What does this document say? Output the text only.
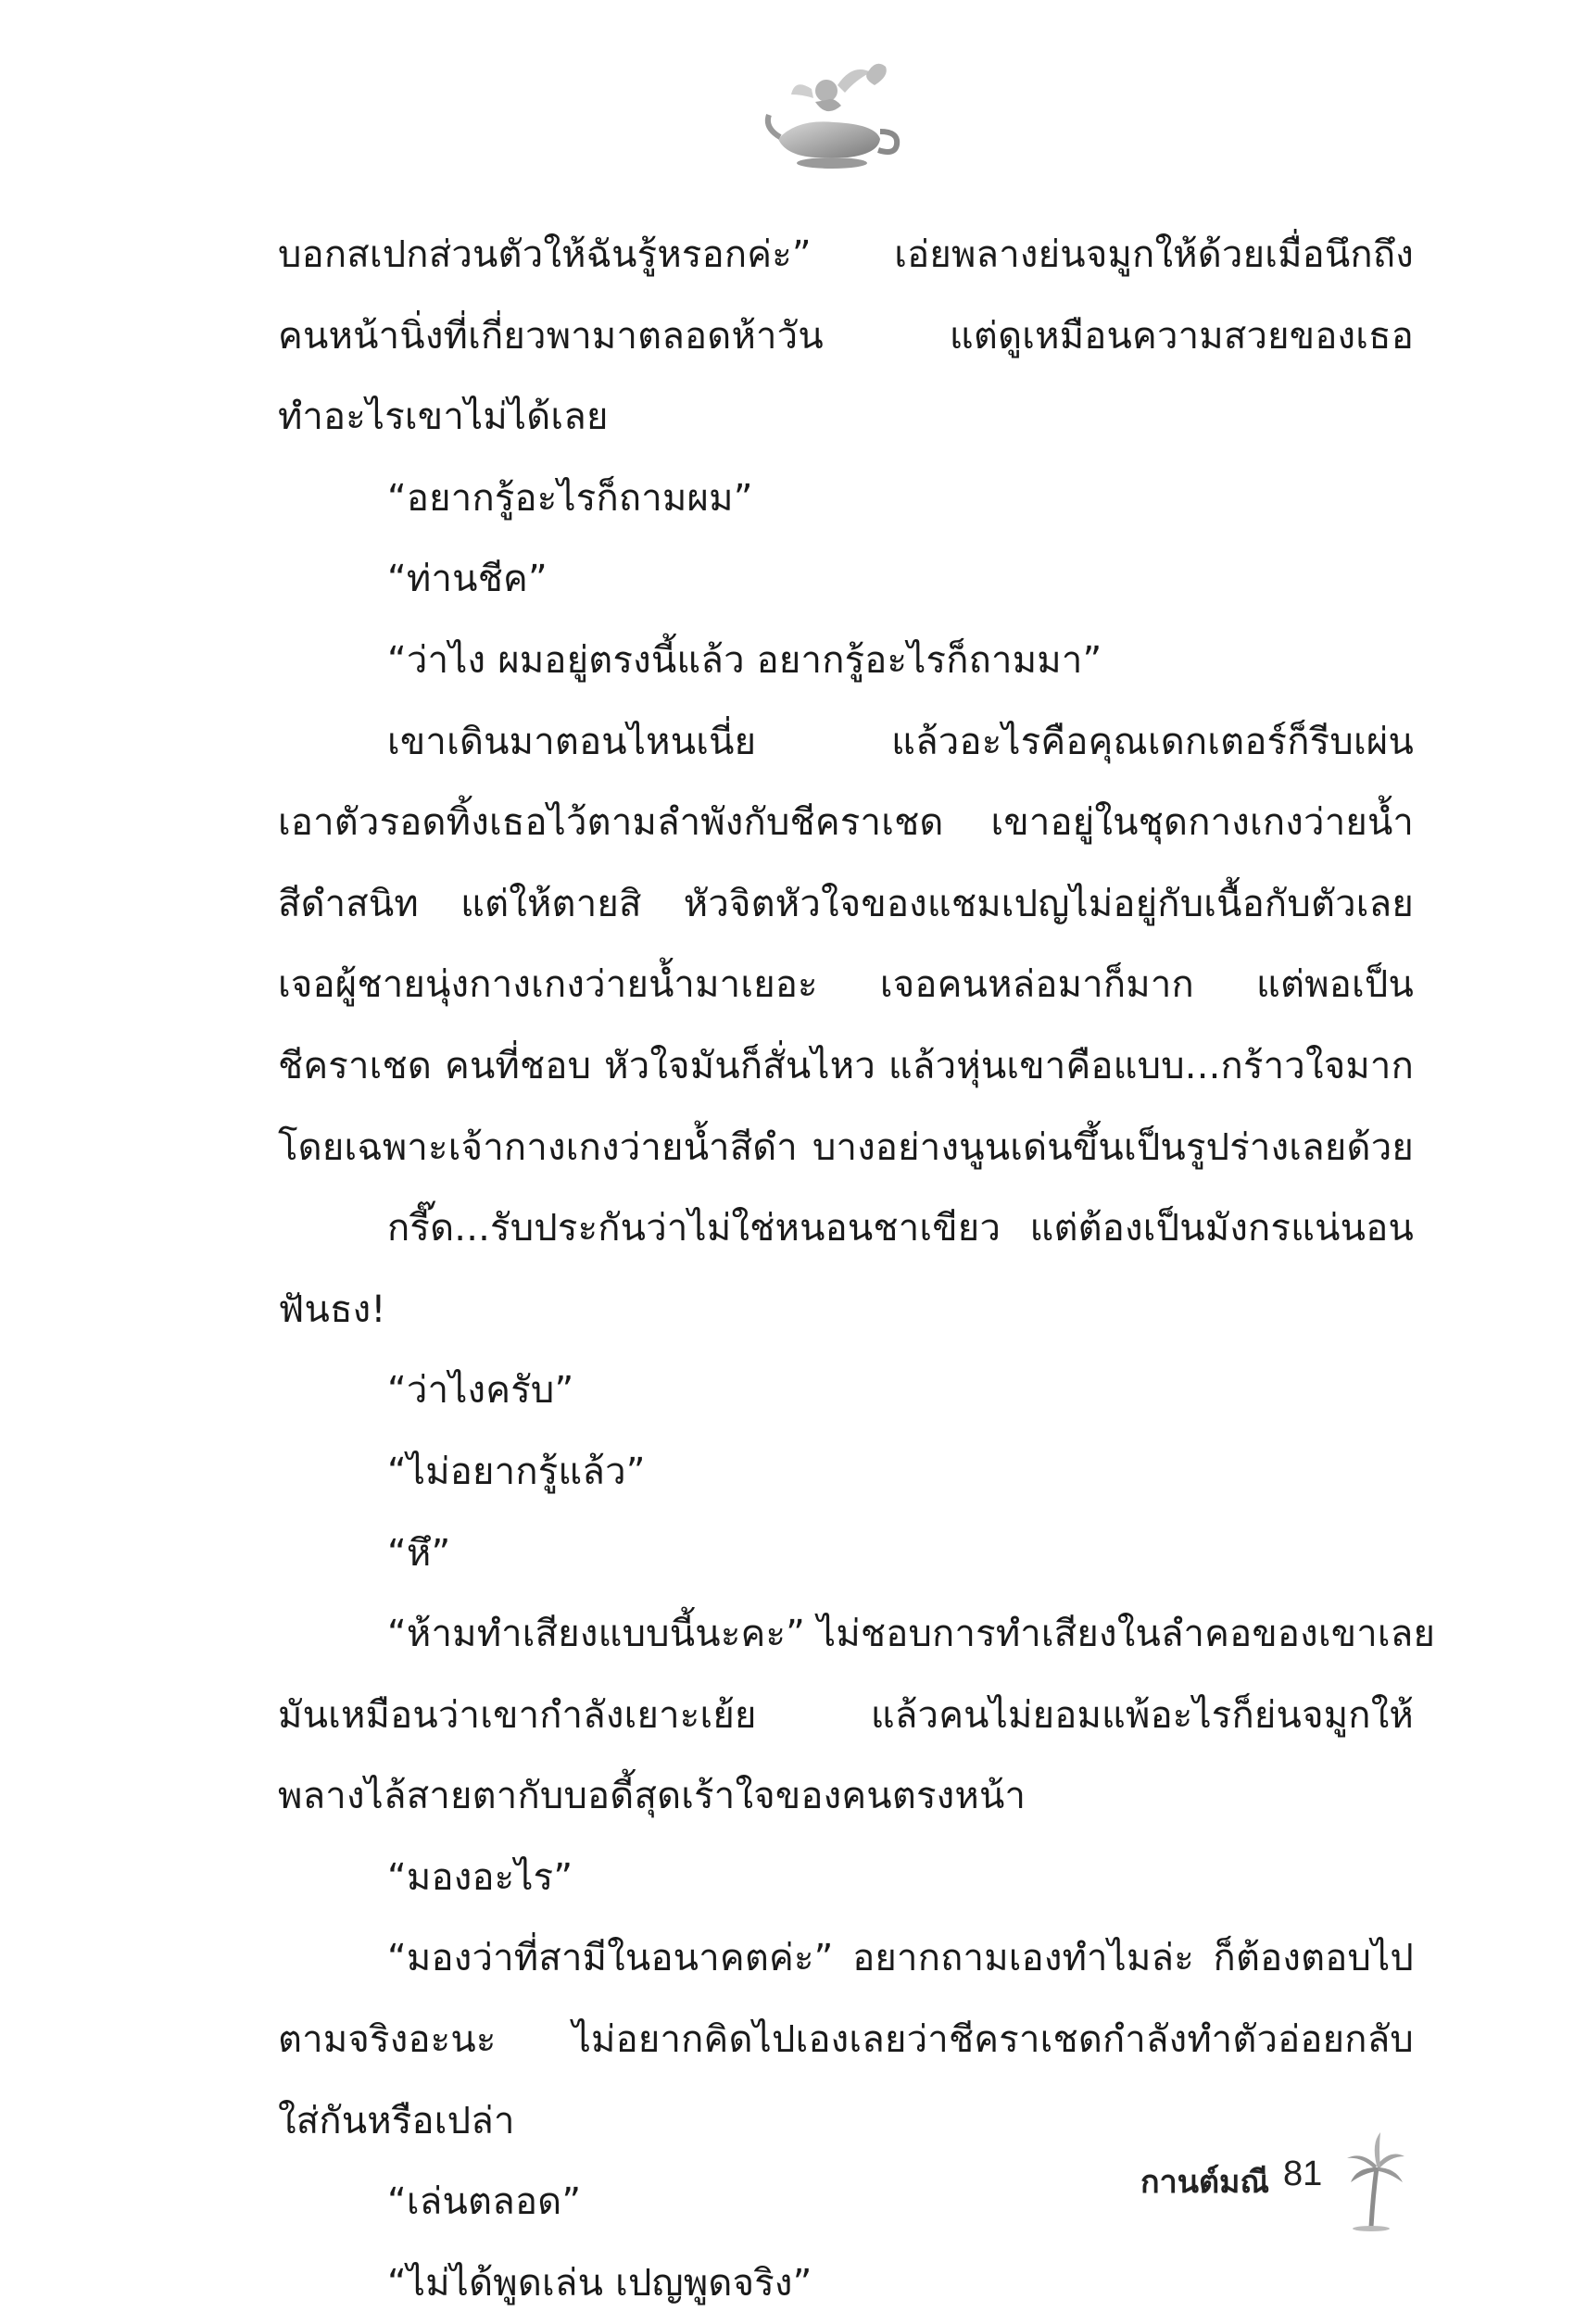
บอกสเปกส่วนตัวให้ฉันรู้หรอกค่ะ” เอ่ยพลางย่นจมูกให้ด้วยเมื่อนึกถึง
คนหน้านิ่งที่เกี่ยวพามาตลอดห้าวัน แต่ดูเหมือนความสวยของเธอ
ทำอะไรเขาไม่ได้เลย
“อยากรู้อะไรก็ถามผม”
“ท่านชีค”
“ว่าไง ผมอยู่ตรงนี้แล้ว อยากรู้อะไรก็ถามมา”
เขาเดินมาตอนไหนเนี่ย แล้วอะไรคือคุณเดกเตอร์ก็รีบเผ่น
เอาตัวรอดทิ้งเธอไว้ตามลำพังกับชีคราเชด เขาอยู่ในชุดกางเกงว่ายน้ำ
สีดำสนิท แต่ให้ตายสิ หัวจิตหัวใจของแชมเปญไม่อยู่กับเนื้อกับตัวเลย
เจอผู้ชายนุ่งกางเกงว่ายน้ำมาเยอะ เจอคนหล่อมาก็มาก แต่พอเป็น
ชีคราเชด คนที่ชอบ หัวใจมันก็สั่นไหว แล้วหุ่นเขาคือแบบ...กร้าวใจมาก
โดยเฉพาะเจ้ากางเกงว่ายน้ำสีดำ บางอย่างนูนเด่นขึ้นเป็นรูปร่างเลยด้วย
กรี๊ด...รับประกันว่าไม่ใช่หนอนชาเขียว แต่ต้องเป็นมังกรแน่นอน
ฟันธง!
“ว่าไงครับ”
“ไม่อยากรู้แล้ว”
“หึ”
“ห้ามทำเสียงแบบนี้นะคะ” ไม่ชอบการทำเสียงในลำคอของเขาเลย
มันเหมือนว่าเขากำลังเยาะเย้ย แล้วคนไม่ยอมแพ้อะไรก็ย่นจมูกให้
พลางไล้สายตากับบอดี้สุดเร้าใจของคนตรงหน้า
“มองอะไร”
“มองว่าที่สามีในอนาคตค่ะ” อยากถามเองทำไมล่ะ ก็ต้องตอบไป
ตามจริงอะนะ ไม่อยากคิดไปเองเลยว่าชีคราเชดกำลังทำตัวอ่อยกลับ
ใส่กันหรือเปล่า
“เล่นตลอด”
“ไม่ได้พูดเล่น เปญพูดจริง”
กานต์มณี 81
